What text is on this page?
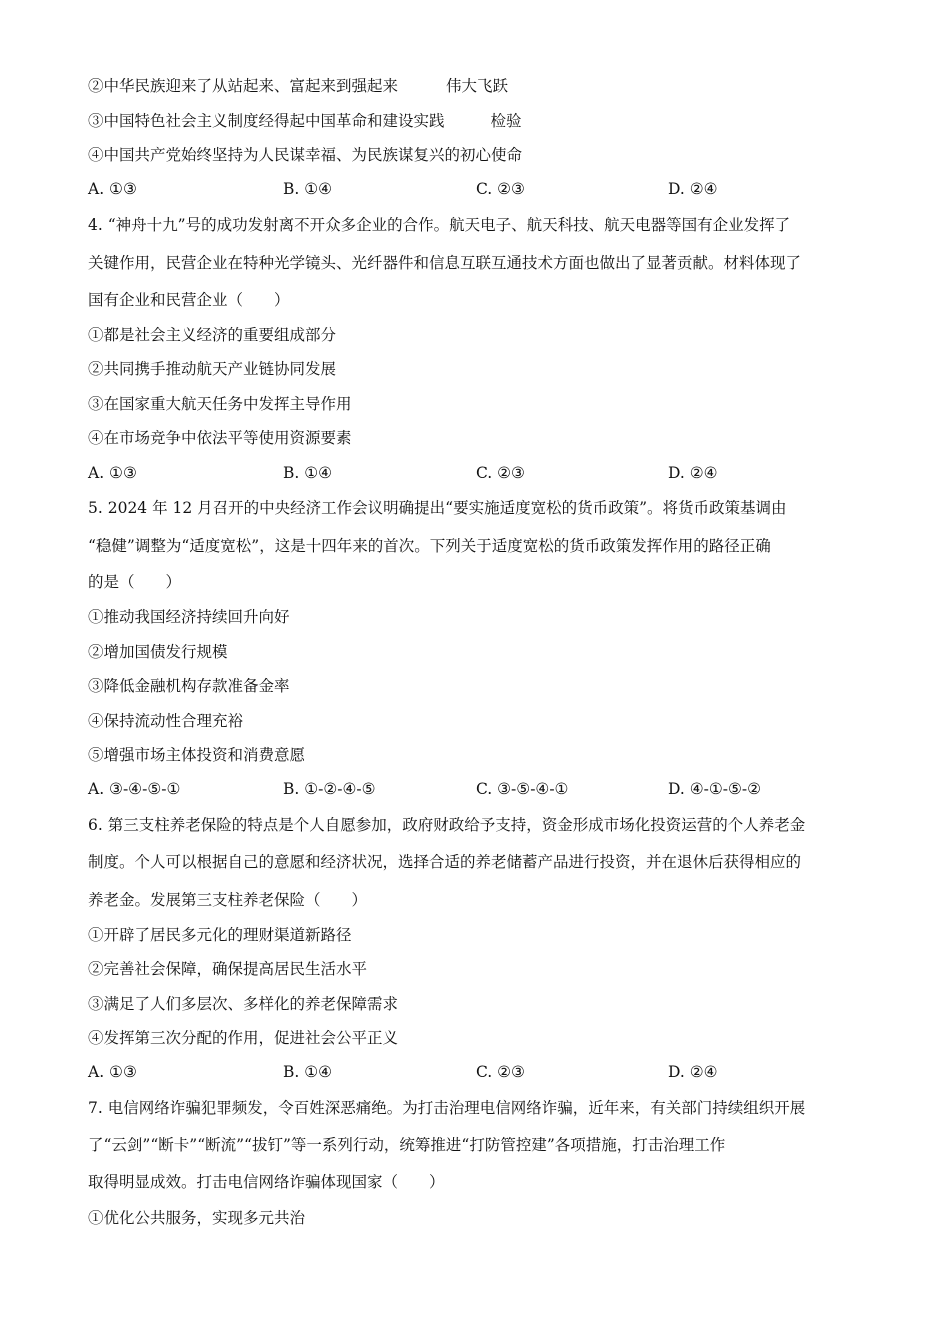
②中华民族迎来了从站起来、富起来到强起来	伟大飞跃
③中国特色社会主义制度经得起中国革命和建设实践	检验
④中国共产党始终坚持为人民谋幸福、为民族谋复兴的初心使命
A. ①③	B. ①④	C. ②③	D. ②④
4. “神舟十九”号的成功发射离不开众多企业的合作。航天电子、航天科技、航天电器等国有企业发挥了
关键作用，民营企业在特种光学镜头、光纤器件和信息互联互通技术方面也做出了显著贡献。材料体现了
国有企业和民营企业（　　）
①都是社会主义经济的重要组成部分
②共同携手推动航天产业链协同发展
③在国家重大航天任务中发挥主导作用
④在市场竞争中依法平等使用资源要素
A. ①③	B. ①④	C. ②③	D. ②④
5. 2024 年 12 月召开的中央经济工作会议明确提出“要实施适度宽松的货币政策”。将货币政策基调由
“稳健”调整为“适度宽松”，这是十四年来的首次。下列关于适度宽松的货币政策发挥作用的路径正确
的是（　　）
①推动我国经济持续回升向好
②增加国债发行规模
③降低金融机构存款准备金率
④保持流动性合理充裕
⑤增强市场主体投资和消费意愿
A. ③-④-⑤-①	B. ①-②-④-⑤	C. ③-⑤-④-①	D. ④-①-⑤-②
6. 第三支柱养老保险的特点是个人自愿参加，政府财政给予支持，资金形成市场化投资运营的个人养老金
制度。个人可以根据自己的意愿和经济状况，选择合适的养老储蓄产品进行投资，并在退休后获得相应的
养老金。发展第三支柱养老保险（　　）
①开辟了居民多元化的理财渠道新路径
②完善社会保障，确保提高居民生活水平
③满足了人们多层次、多样化的养老保障需求
④发挥第三次分配的作用，促进社会公平正义
A. ①③	B. ①④	C. ②③	D. ②④
7. 电信网络诈骗犯罪频发，令百姓深恶痛绝。为打击治理电信网络诈骗，近年来，有关部门持续组织开展
了“云剑”“断卡”“断流”“拔钉”等一系列行动，统筹推进“打防管控建”各项措施，打击治理工作
取得明显成效。打击电信网络诈骗体现国家（　　）
①优化公共服务，实现多元共治
